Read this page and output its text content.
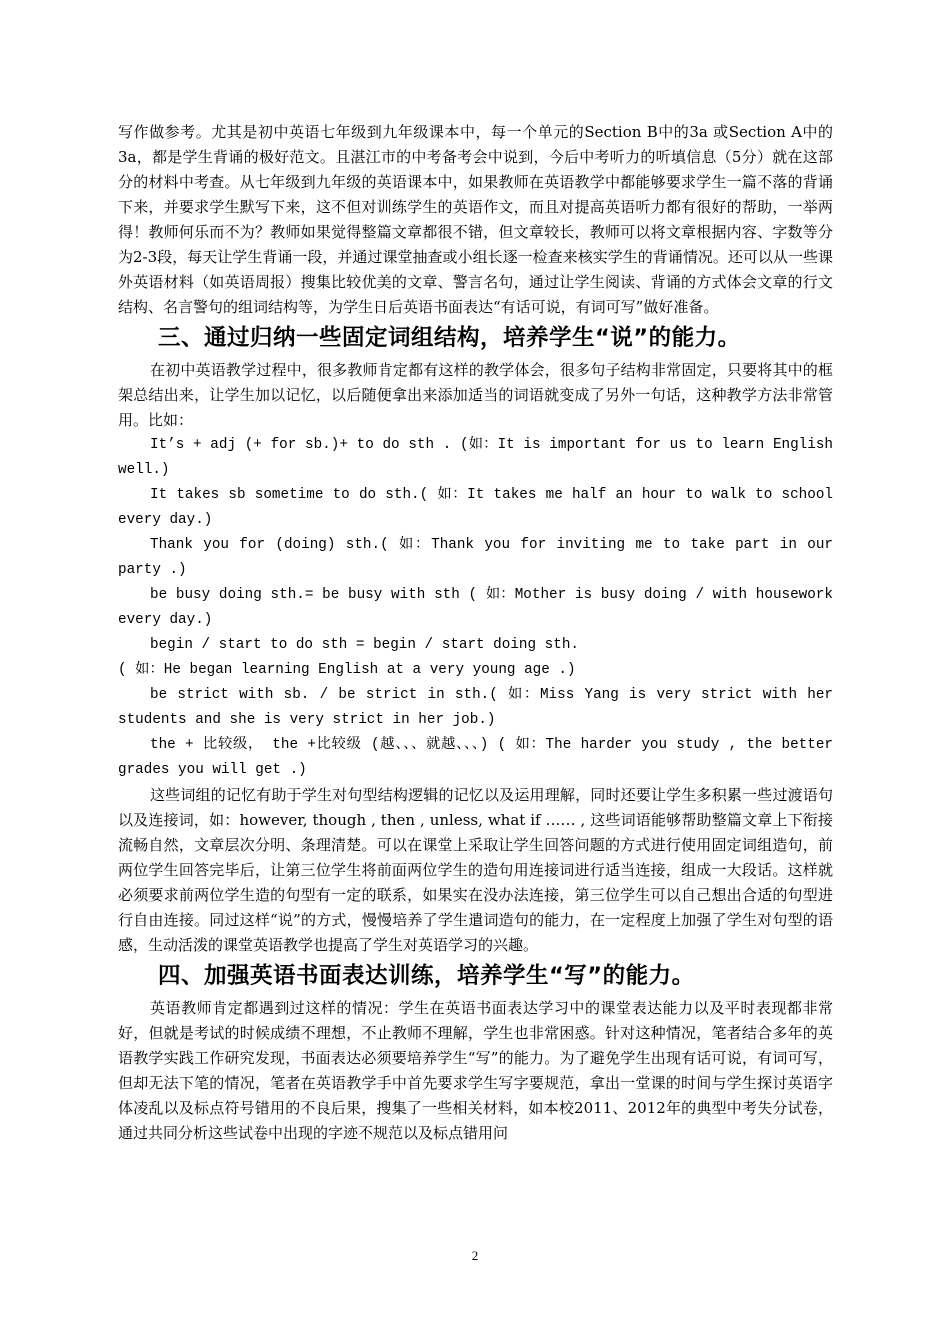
写作做参考。尤其是初中英语七年级到九年级课本中，每一个单元的Section B中的3a 或Section A中的3a，都是学生背诵的极好范文。且湛江市的中考备考会中说到，今后中考听力的听填信息（5分）就在这部分的材料中考查。从七年级到九年级的英语课本中，如果教师在英语教学中都能够要求学生一篇不落的背诵下来，并要求学生默写下来，这不但对训练学生的英语作文，而且对提高英语听力都有很好的帮助，一举两得！教师何乐而不为？教师如果觉得整篇文章都很不错，但文章较长，教师可以将文章根据内容、字数等分为2-3段，每天让学生背诵一段，并通过课堂抽查或小组长逐一检查来核实学生的背诵情况。还可以从一些课外英语材料（如英语周报）搜集比较优美的文章、警言名句，通过让学生阅读、背诵的方式体会文章的行文结构、名言警句的组词结构等，为学生日后英语书面表达“有话可说，有词可写”做好准备。

三、通过归纳一些固定词组结构，培养学生“说”的能力。

在初中英语教学过程中，很多教师肯定都有这样的教学体会，很多句子结构非常固定，只要将其中的框架总结出来，让学生加以记忆，以后随便拿出来添加适当的词语就变成了另外一句话，这种教学方法非常管用。比如：

It’s + adj (+ for sb.)+ to do sth . (如：It is important for us to learn English well.)

It takes sb sometime to do sth.( 如：It takes me half an hour to walk to school every day.)

Thank you for (doing) sth.( 如：Thank you for inviting me to take part in our party .)

be busy doing sth.= be busy with sth ( 如：Mother is busy doing / with housework every day.)

begin / start to do sth = begin / start doing sth.

( 如：He began learning English at a very young age .)

be strict with sb. / be strict in sth.( 如：Miss Yang is very strict with her students and she is very strict in her job.)

the + 比较级， the +比较级 (越、、、就越、、、) ( 如：The harder you study , the better grades you will get .)

这些词组的记忆有助于学生对句型结构逻辑的记忆以及运用理解，同时还要让学生多积累一些过渡语句以及连接词，如：however, though , then , unless, what if …… , 这些词语能够帮助整篇文章上下衔接流畅自然，文章层次分明、条理清楚。可以在课堂上采取让学生回答问题的方式进行使用固定词组造句，前两位学生回答完毕后，让第三位学生将前面两位学生的造句用连接词进行适当连接，组成一大段话。这样就必须要求前两位学生造的句型有一定的联系，如果实在没办法连接，第三位学生可以自己想出合适的句型进行自由连接。同过这样“说”的方式，慢慢培养了学生遣词造句的能力，在一定程度上加强了学生对句型的语感，生动活泼的课堂英语教学也提高了学生对英语学习的兴趣。

四、加强英语书面表达训练，培养学生“写”的能力。

英语教师肯定都遇到过这样的情况：学生在英语书面表达学习中的课堂表达能力以及平时表现都非常好，但就是考试的时候成绩不理想，不止教师不理解，学生也非常困惑。针对这种情况，笔者结合多年的英语教学实践工作研究发现，书面表达必须要培养学生“写”的能力。为了避免学生出现有话可说，有词可写，但却无法下笔的情况，笔者在英语教学手中首先要求学生写字要规范，拿出一堂课的时间与学生探讨英语字体凌乱以及标点符号错用的不良后果，搜集了一些相关材料，如本校2011、2012年的典型中考失分试卷，通过共同分析这些试卷中出现的字迹不规范以及标点错用问

2
